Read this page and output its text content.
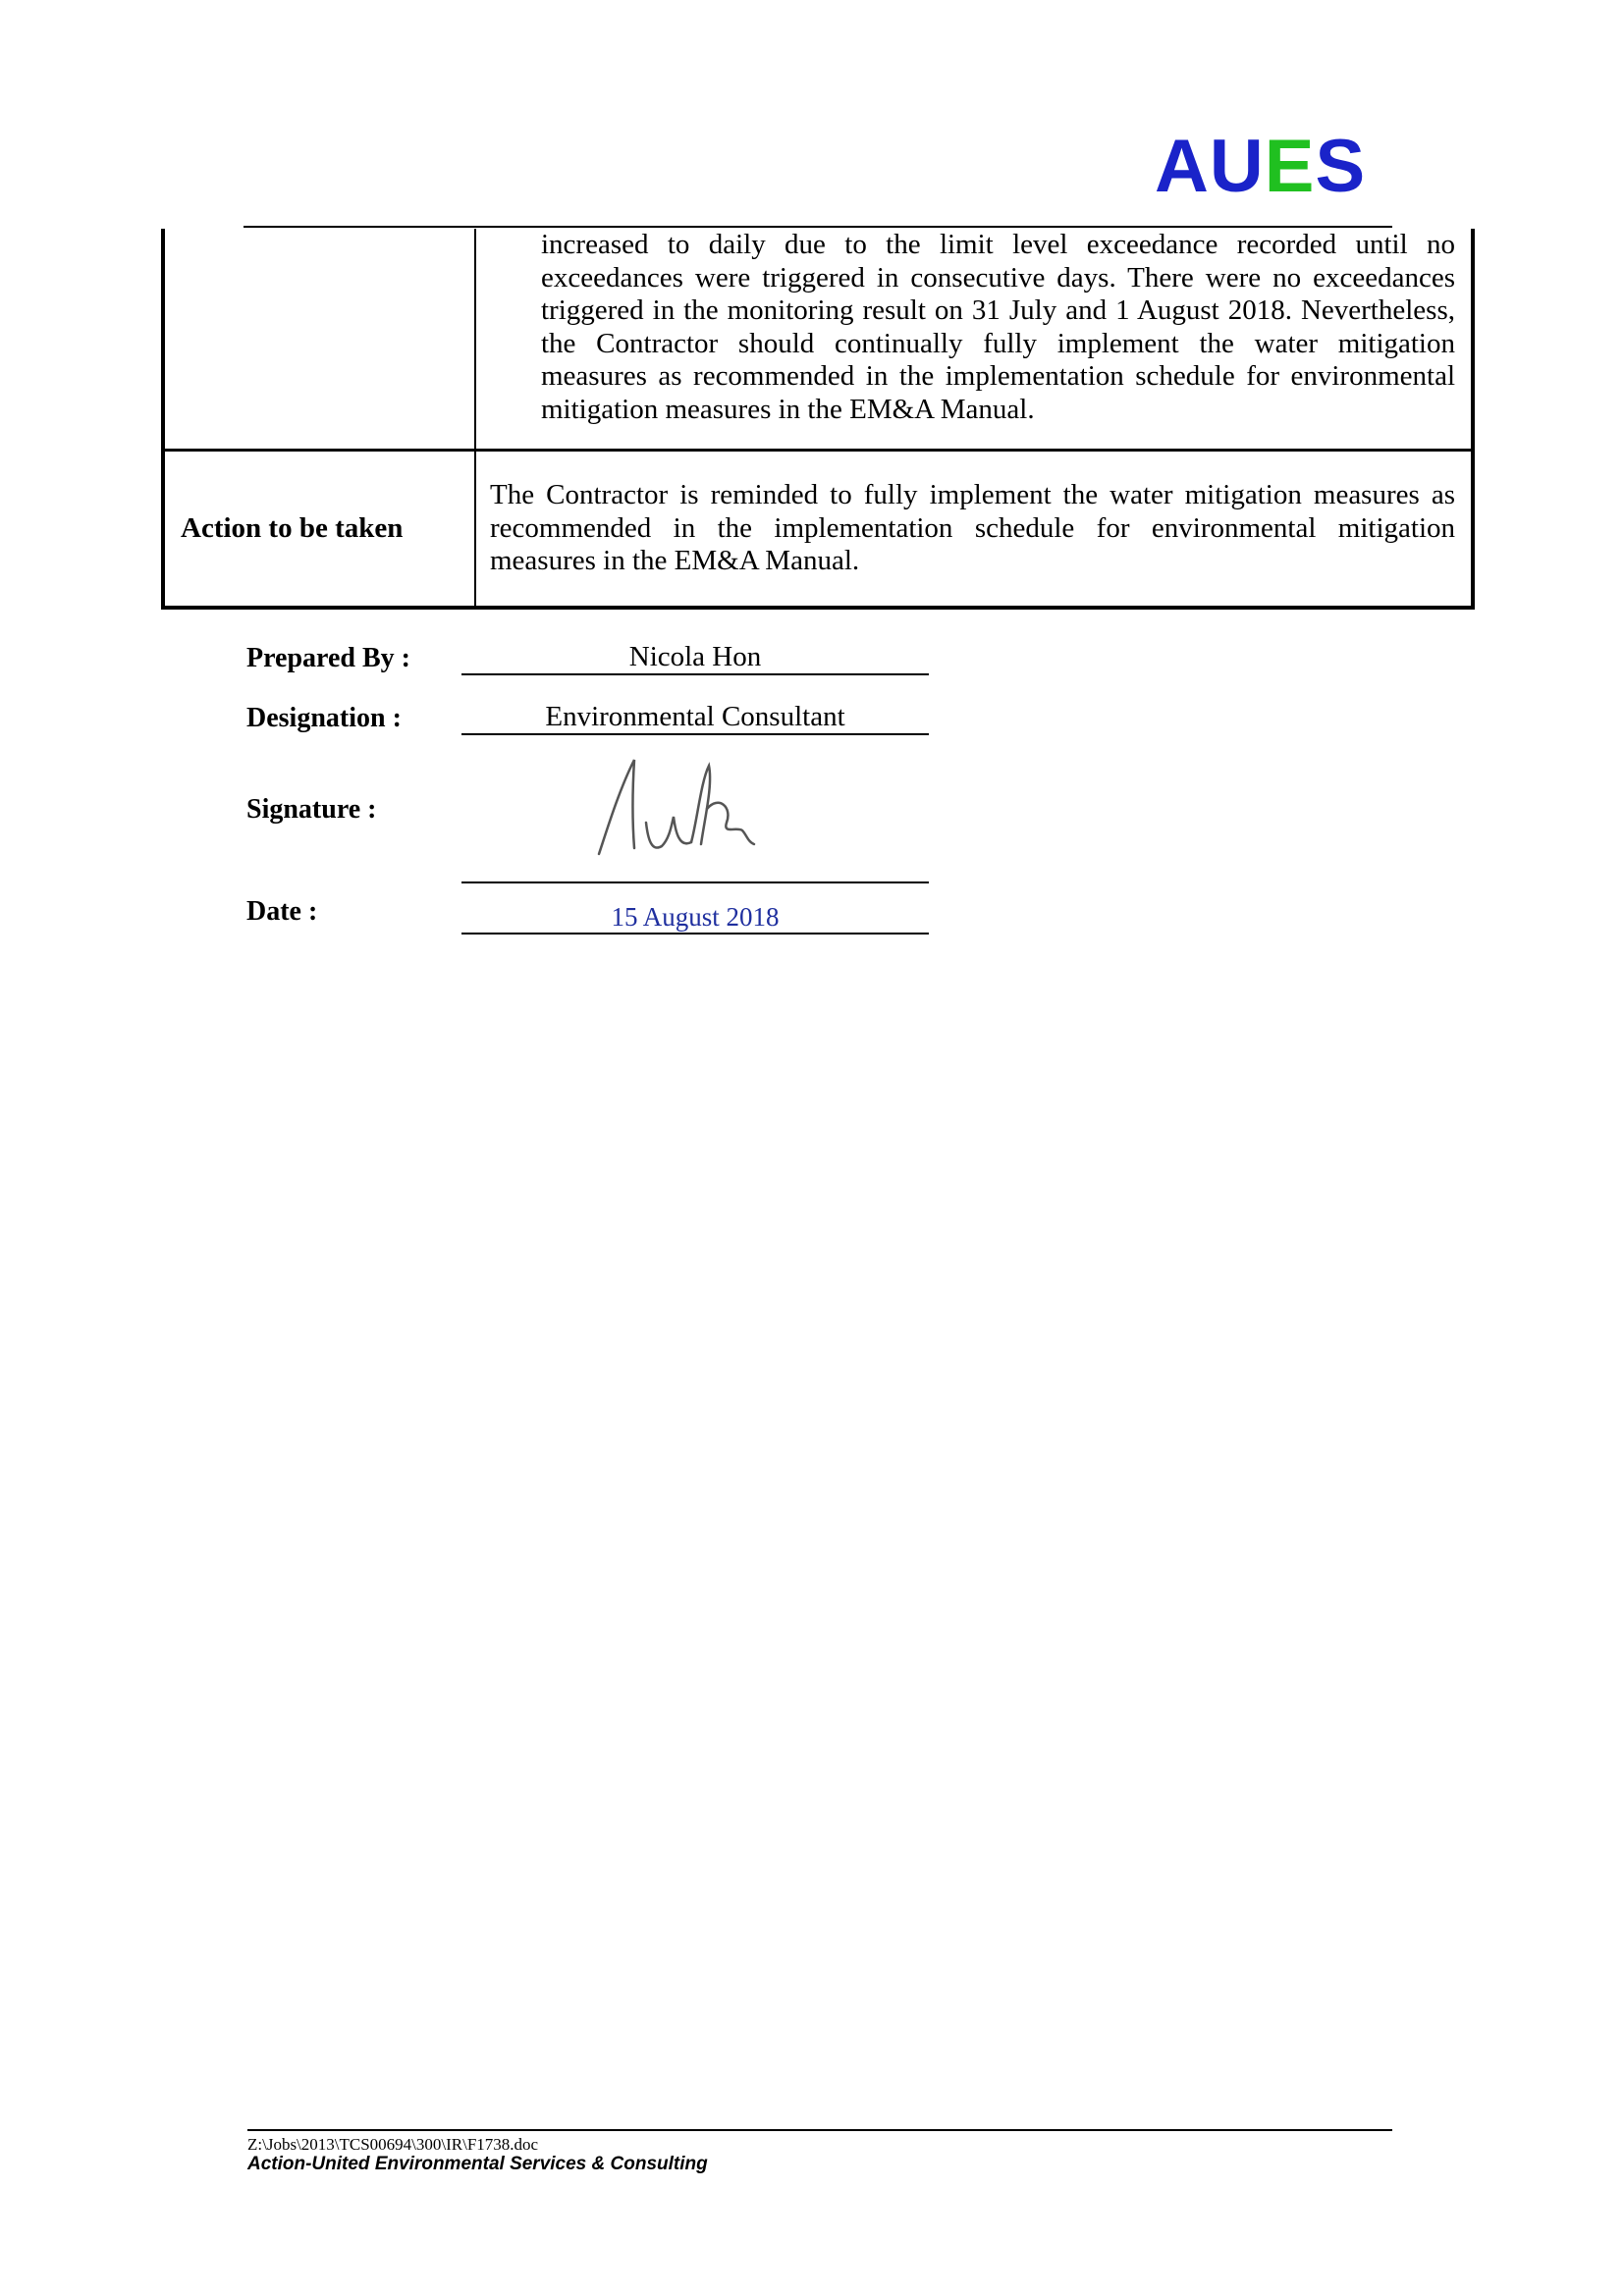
AUES

	increased to daily due to the limit level exceedance recorded until no exceedances were triggered in consecutive days. There were no exceedances triggered in the monitoring result on 31 July and 1 August 2018. Nevertheless, the Contractor should continually fully implement the water mitigation measures as recommended in the implementation schedule for environmental mitigation measures in the EM&A Manual.

Action to be taken	The Contractor is reminded to fully implement the water mitigation measures as recommended in the implementation schedule for environmental mitigation measures in the EM&A Manual.
Prepared By :	Nicola Hon
Designation :	Environmental Consultant
Signature :
Date :	15 August 2018
Z:\Jobs\2013\TCS00694\300\IR\F1738.doc
Action-United Environmental Services & Consulting
